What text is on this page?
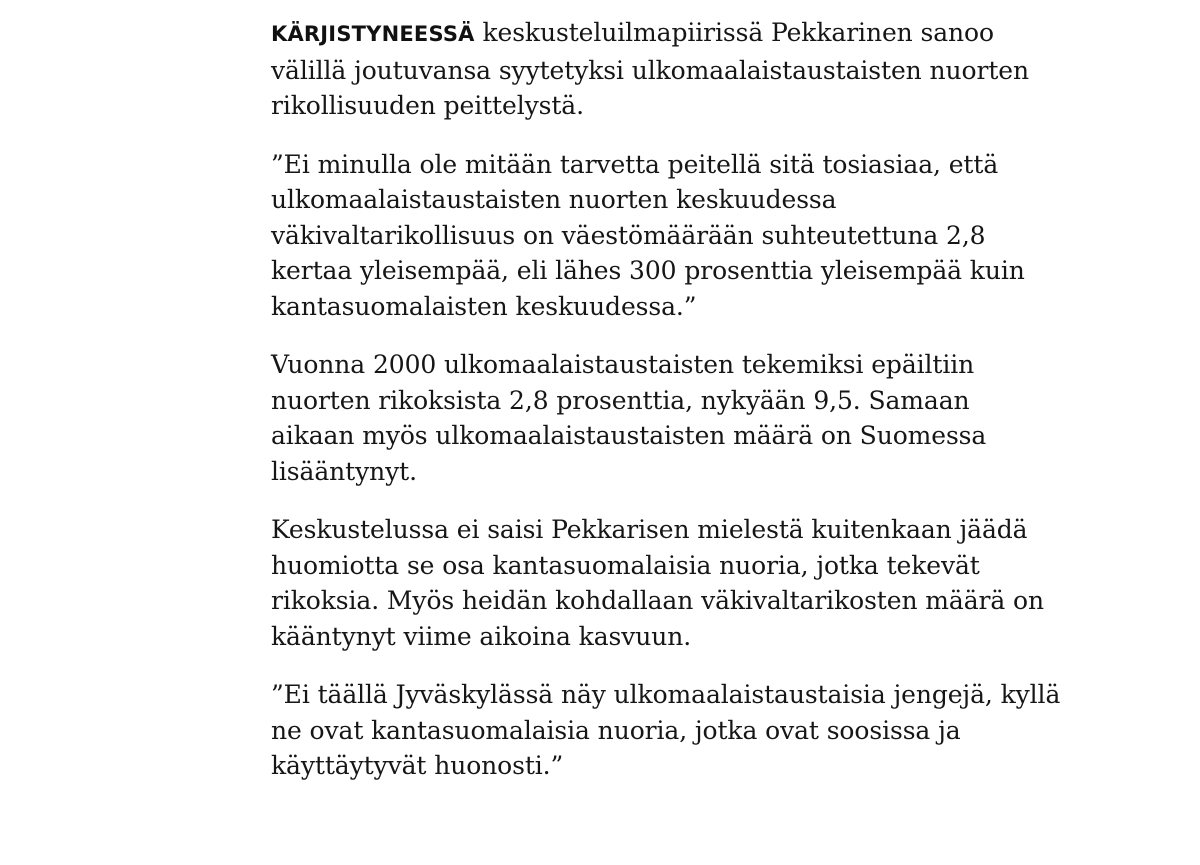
KÄRJISTYNEESSÄ keskusteluilmapiirissä Pekkarinen sanoo
välillä joutuvansa syytetyksi ulkomaalaistaustaisten nuorten
rikollisuuden peittelystä.

”Ei minulla ole mitään tarvetta peitellä sitä tosiasiaa, että
ulkomaalaistaustaisten nuorten keskuudessa
väkivaltarikollisuus on väestömäärään suhteutettuna 2,8
kertaa yleisempää, eli lähes 300 prosenttia yleisempää kuin
kantasuomalaisten keskuudessa.”

Vuonna 2000 ulkomaalaistaustaisten tekemiksi epäiltiin
nuorten rikoksista 2,8 prosenttia, nykyään 9,5. Samaan
aikaan myös ulkomaalaistaustaisten määrä on Suomessa
lisääntynyt.

Keskustelussa ei saisi Pekkarisen mielestä kuitenkaan jäädä
huomiotta se osa kantasuomalaisia nuoria, jotka tekevät
rikoksia. Myös heidän kohdallaan väkivaltarikosten määrä on
kääntynyt viime aikoina kasvuun.

”Ei täällä Jyväskylässä näy ulkomaalaistaustaisia jengejä, kyllä
ne ovat kantasuomalaisia nuoria, jotka ovat soosissa ja
käyttäytyvät huonosti.”
